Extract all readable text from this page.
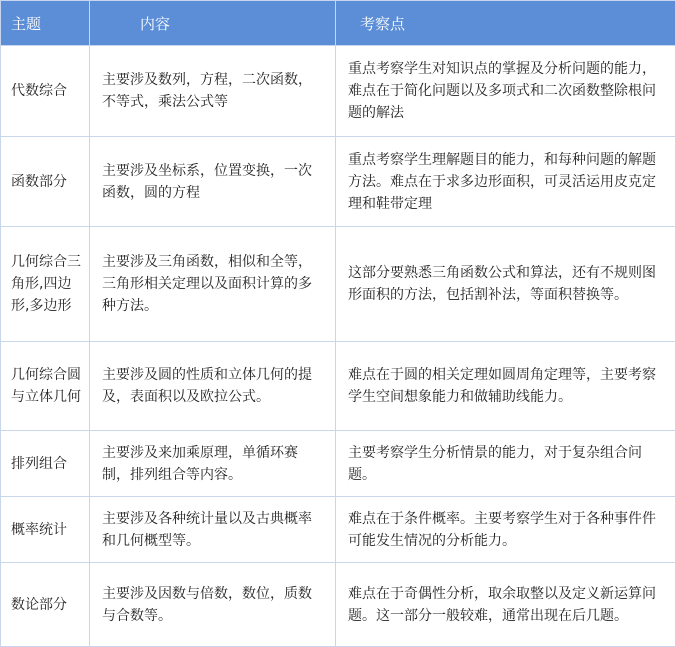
主题	内容	考察点
代数综合	主要涉及数列，方程，二次函数，不等式，乘法公式等	重点考察学生对知识点的掌握及分析问题的能力，难点在于简化问题以及多项式和二次函数整除根问题的解法
函数部分	主要涉及坐标系，位置变换，一次函数，圆的方程	重点考察学生理解题目的能力，和每种问题的解题方法。难点在于求多边形面积，可灵活运用皮克定理和鞋带定理
几何综合三角形,四边形,多边形	主要涉及三角函数，相似和全等，三角形相关定理以及面积计算的多种方法。	这部分要熟悉三角函数公式和算法，还有不规则图形面积的方法，包括割补法，等面积替换等。
几何综合圆与立体几何	主要涉及圆的性质和立体几何的提及，表面积以及欧拉公式。	难点在于圆的相关定理如圆周角定理等，主要考察学生空间想象能力和做辅助线能力。
排列组合	主要涉及来加乘原理，单循环赛制，排列组合等内容。	主要考察学生分析情景的能力，对于复杂组合问题。
概率统计	主要涉及各种统计量以及古典概率和几何概型等。	难点在于条件概率。主要考察学生对于各种事件件可能发生情况的分析能力。
数论部分	主要涉及因数与倍数，数位，质数与合数等。	难点在于奇偶性分析，取余取整以及定义新运算问题。这一部分一般较难，通常出现在后几题。
